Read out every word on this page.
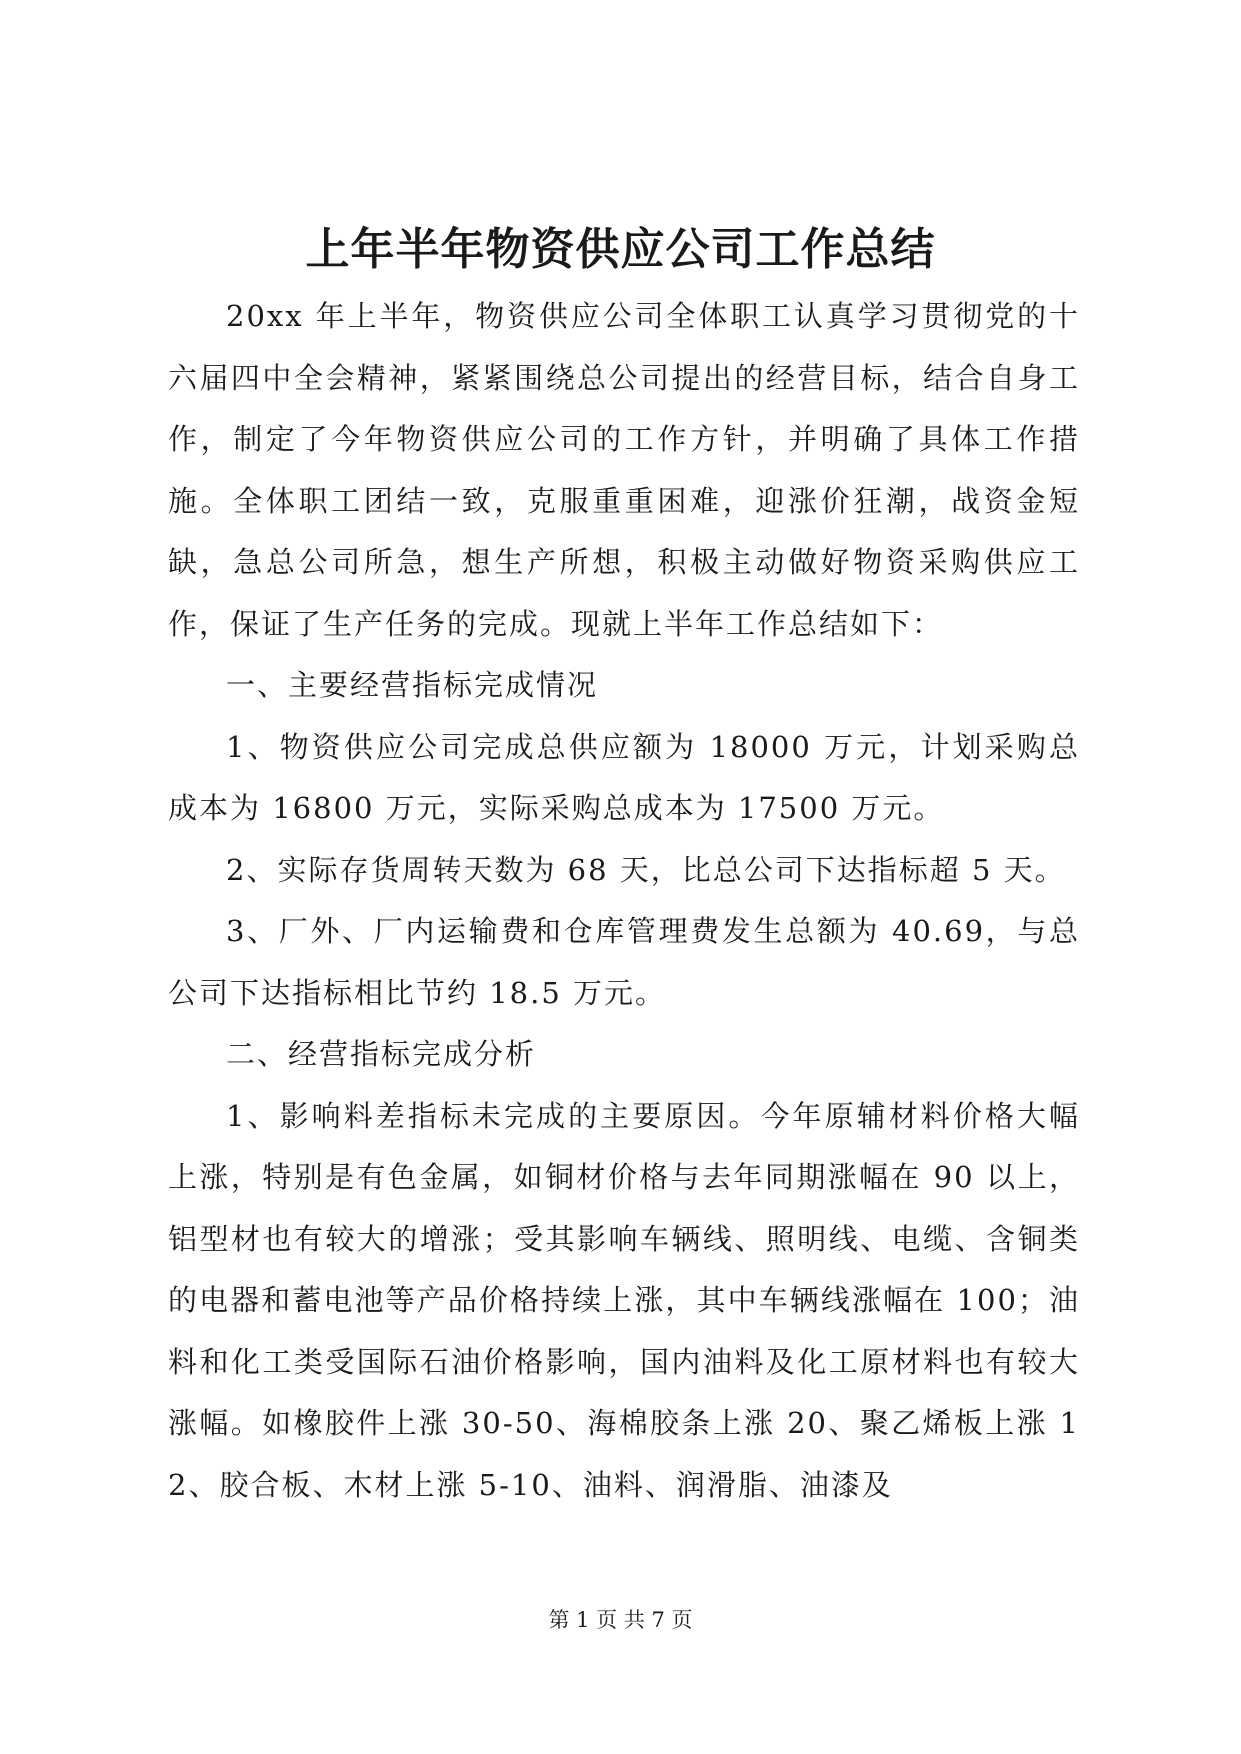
上年半年物资供应公司工作总结

20xx 年上半年，物资供应公司全体职工认真学习贯彻党的十六届四中全会精神，紧紧围绕总公司提出的经营目标，结合自身工作，制定了今年物资供应公司的工作方针，并明确了具体工作措施。全体职工团结一致，克服重重困难，迎涨价狂潮，战资金短缺，急总公司所急，想生产所想，积极主动做好物资采购供应工作，保证了生产任务的完成。现就上半年工作总结如下：

一、主要经营指标完成情况

1、物资供应公司完成总供应额为 18000 万元，计划采购总成本为 16800 万元，实际采购总成本为 17500 万元。

2、实际存货周转天数为 68 天，比总公司下达指标超 5 天。

3、厂外、厂内运输费和仓库管理费发生总额为 40.69，与总公司下达指标相比节约 18.5 万元。

二、经营指标完成分析

1、影响料差指标未完成的主要原因。今年原辅材料价格大幅上涨，特别是有色金属，如铜材价格与去年同期涨幅在 90 以上，铝型材也有较大的增涨；受其影响车辆线、照明线、电缆、含铜类的电器和蓄电池等产品价格持续上涨，其中车辆线涨幅在 100；油料和化工类受国际石油价格影响，国内油料及化工原材料也有较大涨幅。如橡胶件上涨 30-50、海棉胶条上涨 20、聚乙烯板上涨 12、胶合板、木材上涨 5-10、油料、润滑脂、油漆及

第 1 页 共 7 页
